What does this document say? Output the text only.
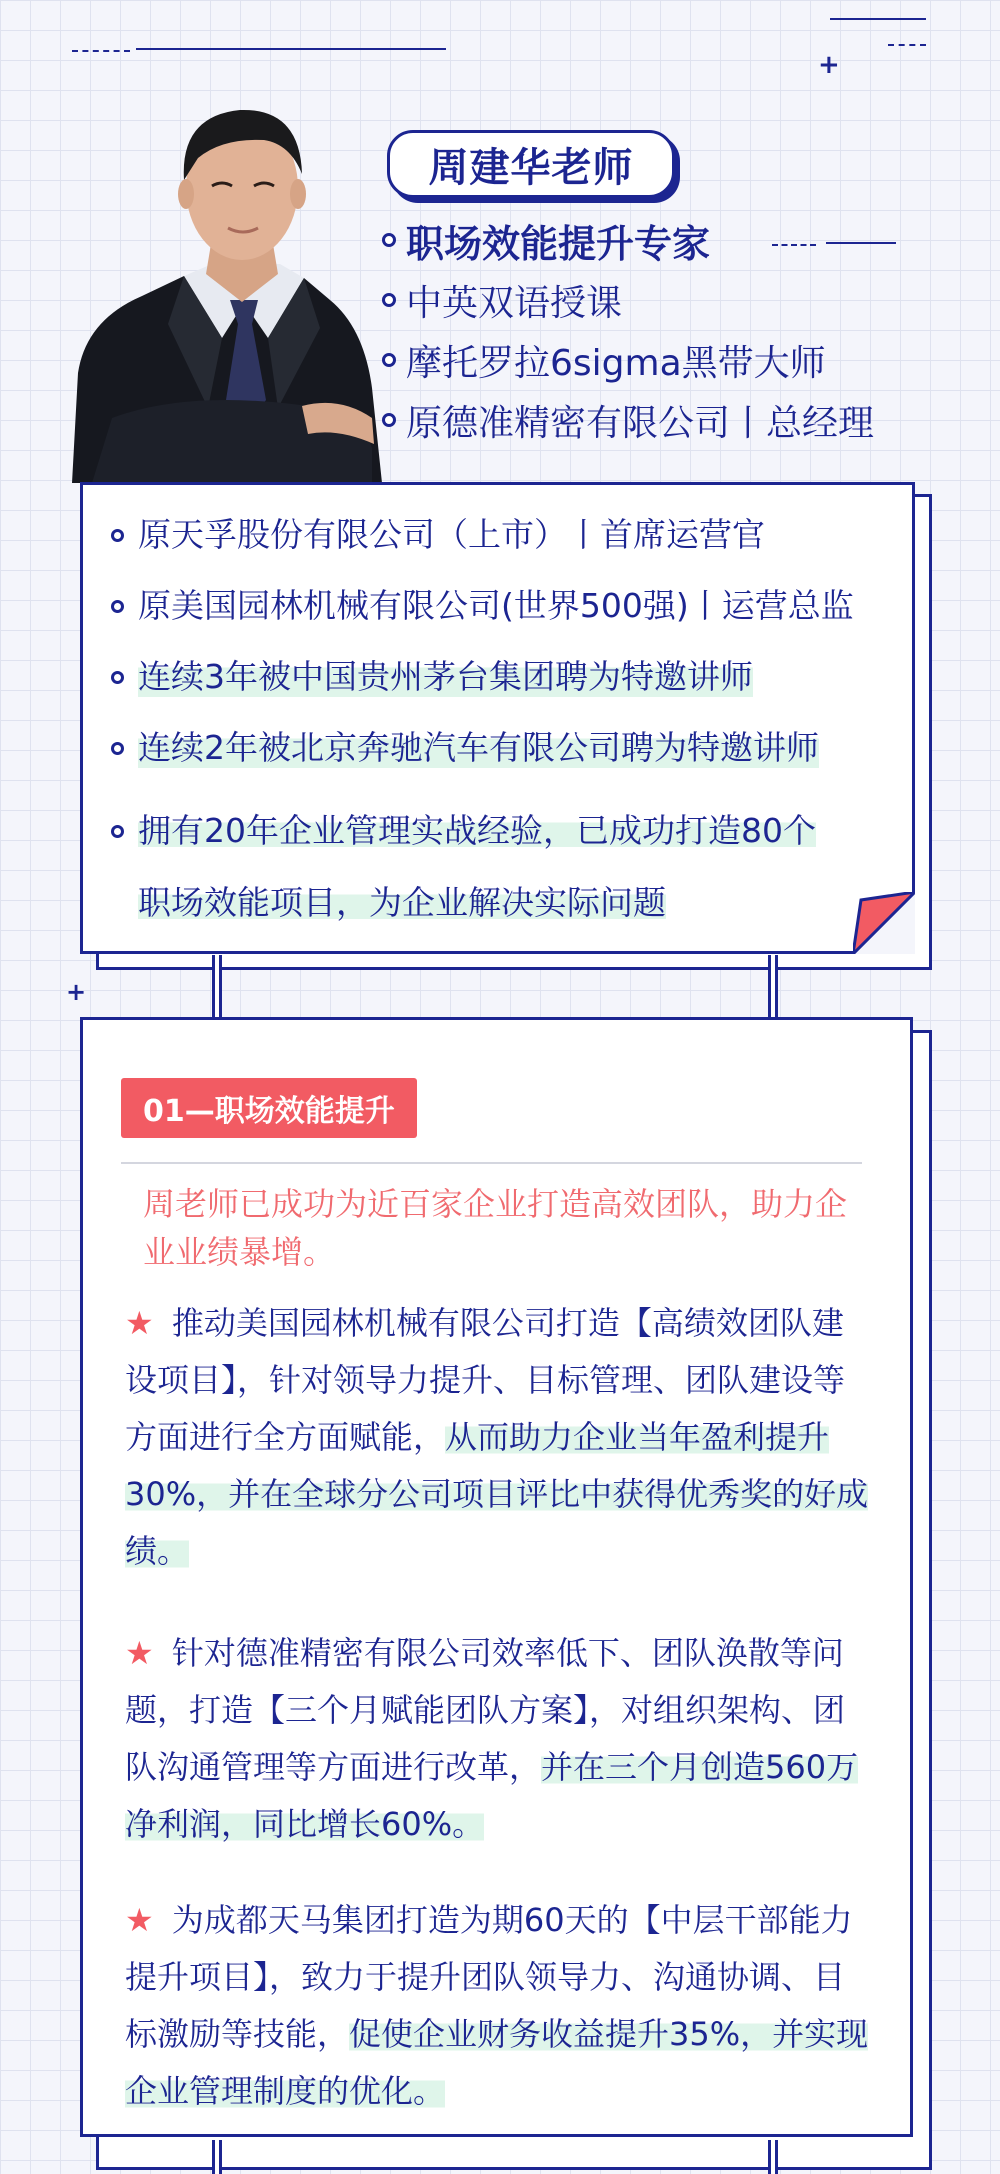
+
+
周建华老师
职场效能提升专家
中英双语授课
摩托罗拉6sigma黑带大师
原德准精密有限公司丨总经理
原天孚股份有限公司（上市）丨首席运营官
原美国园林机械有限公司(世界500强)丨运营总监
连续3年被中国贵州茅台集团聘为特邀讲师
连续2年被北京奔驰汽车有限公司聘为特邀讲师
拥有20年企业管理实战经验，已成功打造80个
职场效能项目，为企业解决实际问题
01—职场效能提升
周老师已成功为近百家企业打造高效团队，助力企业业绩暴增。
★ 推动美国园林机械有限公司打造【高绩效团队建设项目】，针对领导力提升、目标管理、团队建设等方面进行全方面赋能，从而助力企业当年盈利提升30%，并在全球分公司项目评比中获得优秀奖的好成绩。
★ 针对德准精密有限公司效率低下、团队涣散等问题，打造【三个月赋能团队方案】，对组织架构、团队沟通管理等方面进行改革，并在三个月创造560万净利润，同比增长60%。
★ 为成都天马集团打造为期60天的【中层干部能力提升项目】，致力于提升团队领导力、沟通协调、目标激励等技能，促使企业财务收益提升35%，并实现企业管理制度的优化。
